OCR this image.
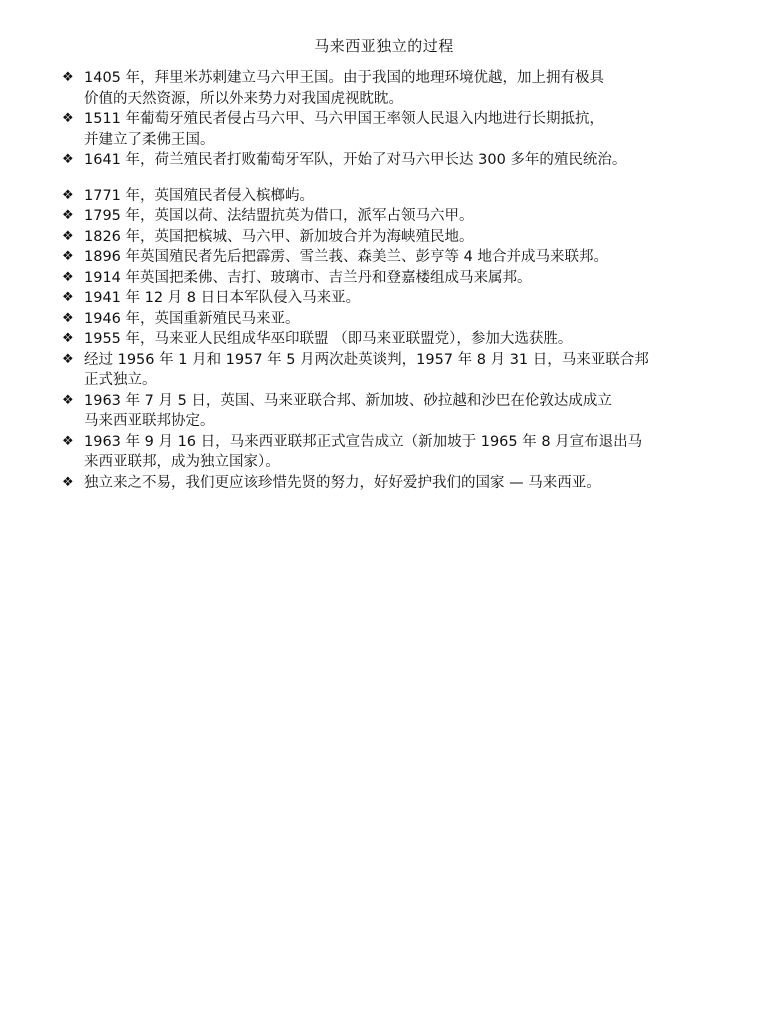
马来西亚独立的过程
❖ 1405 年，拜里米苏剌建立马六甲王国。由于我国的地理环境优越，加上拥有极具
价值的天然资源，所以外来势力对我国虎视眈眈。
❖ 1511 年葡萄牙殖民者侵占马六甲、马六甲国王率领人民退入内地进行长期抵抗，
并建立了柔佛王国。
❖ 1641 年，荷兰殖民者打败葡萄牙军队，开始了对马六甲长达 300 多年的殖民统治。
❖ 1771 年，英国殖民者侵入槟榔屿。
❖ 1795 年，英国以荷、法结盟抗英为借口，派军占领马六甲。
❖ 1826 年，英国把槟城、马六甲、新加坡合并为海峡殖民地。
❖ 1896 年英国殖民者先后把霹雳、雪兰莪、森美兰、彭亨等 4 地合并成马来联邦。
❖ 1914 年英国把柔佛、吉打、玻璃市、吉兰丹和登嘉楼组成马来属邦。
❖ 1941 年 12 月 8 日日本军队侵入马来亚。
❖ 1946 年，英国重新殖民马来亚。
❖ 1955 年，马来亚人民组成华巫印联盟 （即马来亚联盟党），参加大选获胜。
❖ 经过 1956 年 1 月和 1957 年 5 月两次赴英谈判，1957 年 8 月 31 日，马来亚联合邦
正式独立。
❖ 1963 年 7 月 5 日，英国、马来亚联合邦、新加坡、砂拉越和沙巴在伦敦达成成立
马来西亚联邦协定。
❖ 1963 年 9 月 16 日，马来西亚联邦正式宣告成立（新加坡于 1965 年 8 月宣布退出马
来西亚联邦，成为独立国家）。
❖ 独立来之不易，我们更应该珍惜先贤的努力，好好爱护我们的国家 — 马来西亚。
